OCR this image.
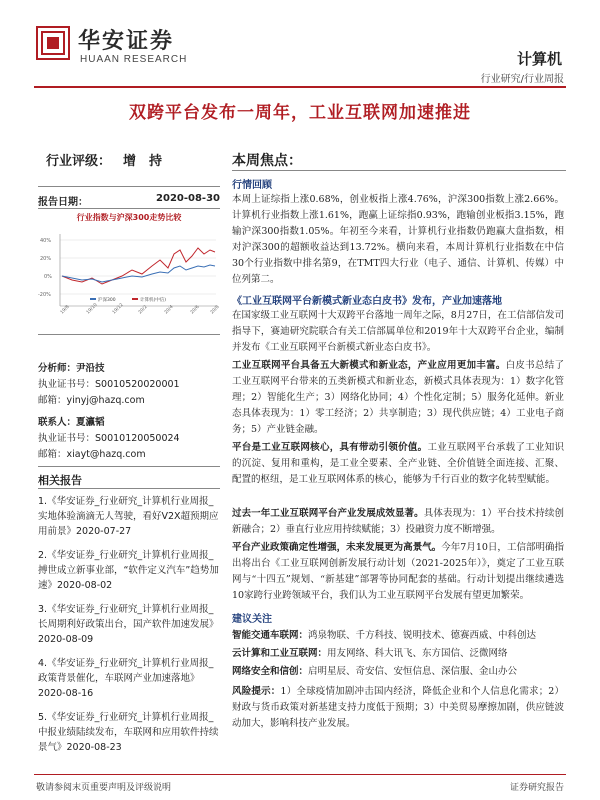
华安证券
HUAAN RESEARCH	计算机
行业研究/行业周报
双跨平台发布一周年，工业互联网加速推进
行业评级： 增　持
报告日期：	2020-08-30
行业指数与沪深300走势比较
40%
20%
0%
-20%
19/8	19/10	19/12	20/2	20/4	20/6 20/8
沪深300	计算机(中信)
分析师：尹沿技
执业证书号：S0010520020001
邮箱：yinyj@hazq.com
联系人：夏瀛韬
执业证书号：S0010120050024
邮箱：xiayt@hazq.com
相关报告
1.《华安证券_行业研究_计算机行业周报_实地体验滴滴无人驾驶，看好V2X超预期应用前景》2020-07-27
2.《华安证券_行业研究_计算机行业周报_搏世成立新事业部，“软件定义汽车”趋势加速》2020-08-02
3.《华安证券_行业研究_计算机行业周报_长周期利好政策出台，国产软件加速发展》2020-08-09
4.《华安证券_行业研究_计算机行业周报_政策背景催化，车联网产业加速落地》2020-08-16
5.《华安证券_行业研究_计算机行业周报_中报业绩陆续发布，车联网和应用软件持续景气》2020-08-23
本周焦点：
行情回顾
本周上证综指上涨0.68%，创业板指上涨4.76%，沪深300指数上涨2.66%。计算机行业指数上涨1.61%，跑赢上证综指0.93%，跑输创业板指3.15%，跑输沪深300指数1.05%。年初至今来看，计算机行业指数仍跑赢大盘指数，相对沪深300的超额收益达到13.72%。横向来看，本周计算机行业指数在中信30个行业指数中排名第9，在TMT四大行业（电子、通信、计算机、传媒）中位列第二。
《工业互联网平台新模式新业态白皮书》发布，产业加速落地
在国家级工业互联网十大双跨平台落地一周年之际，8月27日，在工信部信发司指导下，赛迪研究院联合有关工信部属单位和2019年十大双跨平台企业，编制并发布《工业互联网平台新模式新业态白皮书》。
工业互联网平台具备五大新模式和新业态，产业应用更加丰富。白皮书总结了工业互联网平台带来的五类新模式和新业态，新模式具体表现为：1）数字化管理；2）智能化生产；3）网络化协同；4）个性化定制；5）服务化延伸。新业态具体表现为：1）零工经济；2）共享制造；3）现代供应链；4）工业电子商务；5）产业链金融。
平台是工业互联网核心，具有带动引领价值。工业互联网平台承载了工业知识的沉淀、复用和重构，是工业全要素、全产业链、全价值链全面连接、汇聚、配置的枢纽，是工业互联网体系的核心，能够为千行百业的数字化转型赋能。
过去一年工业互联网平台产业发展成效显著。具体表现为：1）平台技术持续创新融合；2）垂直行业应用持续赋能；3）投融资力度不断增强。
平台产业政策确定性增强，未来发展更为高景气。今年7月10日，工信部明确指出将出台《工业互联网创新发展行动计划（2021-2025年）》，奠定了工业互联网与“十四五”规划、“新基建”部署等协同配套的基础。行动计划提出继续遴选10家跨行业跨领域平台，我们认为工业互联网平台发展有望更加繁荣。
建议关注
智能交通车联网：鸿泉物联、千方科技、锐明技术、德赛西威、中科创达
云计算和工业互联网：用友网络、科大讯飞、东方国信、泛微网络
网络安全和信创：启明星辰、奇安信、安恒信息、深信服、金山办公
风险提示：1）全球疫情加剧冲击国内经济，降低企业和个人信息化需求；2）财政与货币政策对新基建支持力度低于预期；3）中美贸易摩擦加剧，供应链波动加大，影响科技产业发展。
敬请参阅末页重要声明及评级说明	证券研究报告
